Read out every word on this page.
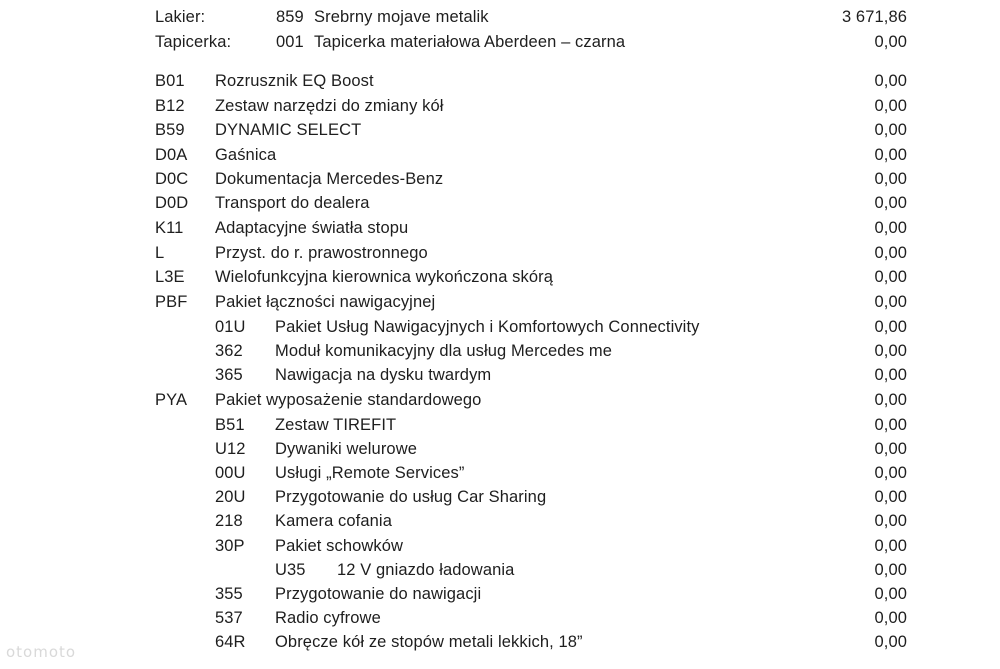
Lakier:	859 Srebrny mojave metalik	3 671,86
Tapicerka:	001 Tapicerka materiałowa Aberdeen – czarna	0,00
B01 Rozrusznik EQ Boost	0,00
B12 Zestaw narzędzi do zmiany kół	0,00
B59 DYNAMIC SELECT	0,00
D0A Gaśnica	0,00
D0C Dokumentacja Mercedes-Benz	0,00
D0D Transport do dealera	0,00
K11 Adaptacyjne światła stopu	0,00
L	Przyst. do r. prawostronnego	0,00
L3E Wielofunkcyjna kierownica wykończona skórą	0,00
PBF Pakiet łączności nawigacyjnej	0,00
01U Pakiet Usług Nawigacyjnych i Komfortowych Connectivity	0,00
362 Moduł komunikacyjny dla usług Mercedes me	0,00
365 Nawigacja na dysku twardym	0,00
PYA Pakiet wyposażenie standardowego	0,00
B51 Zestaw TIREFIT	0,00
U12 Dywaniki welurowe	0,00
00U Usługi „Remote Services”	0,00
20U Przygotowanie do usług Car Sharing	0,00
218 Kamera cofania	0,00
30P Pakiet schowków	0,00
U35 12 V gniazdo ładowania	0,00
355 Przygotowanie do nawigacji	0,00
537 Radio cyfrowe	0,00
64R Obręcze kół ze stopów metali lekkich, 18”	0,00
otomoto
